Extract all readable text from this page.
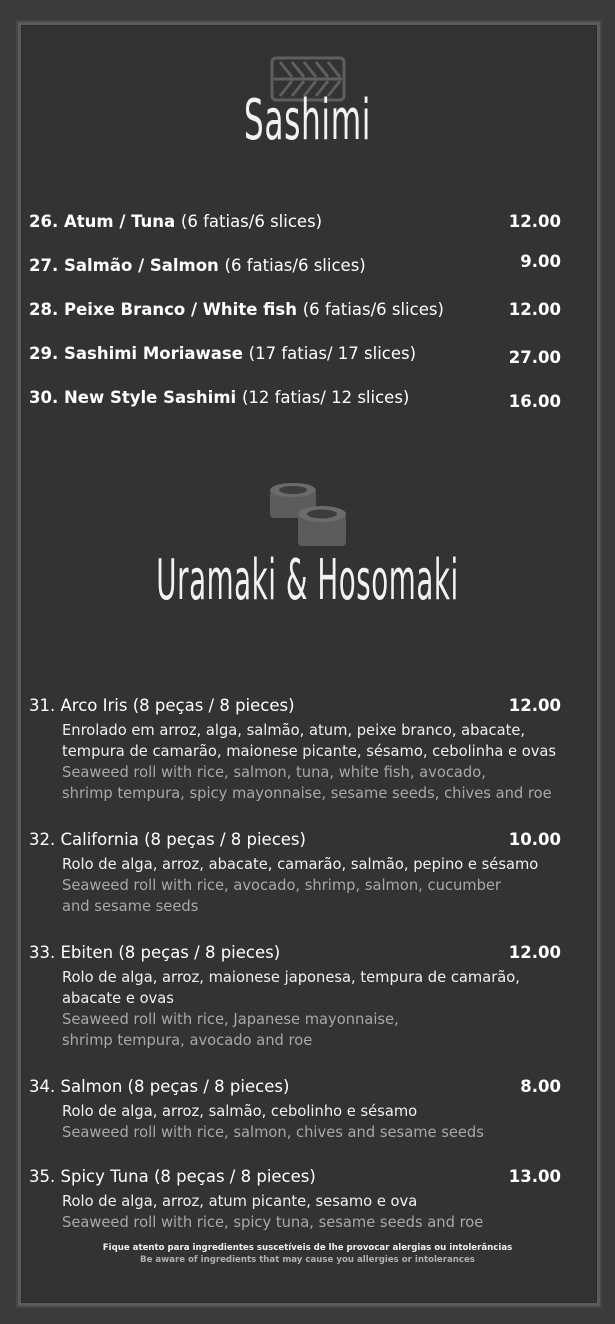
Sashimi
26. Atum / Tuna (6 fatias/6 slices)	12.00
27. Salmão / Salmon (6 fatias/6 slices)	9.00
28. Peixe Branco / White fish (6 fatias/6 slices)	12.00
29. Sashimi Moriawase (17 fatias/ 17 slices)	27.00
30. New Style Sashimi (12 fatias/ 12 slices)	16.00
Uramaki & Hosomaki
31. Arco Iris (8 peças / 8 pieces)	12.00
Enrolado em arroz, alga, salmão, atum, peixe branco, abacate,
tempura de camarão, maionese picante, sésamo, cebolinha e ovas
Seaweed roll with rice, salmon, tuna, white fish, avocado,
shrimp tempura, spicy mayonnaise, sesame seeds, chives and roe
32. California (8 peças / 8 pieces)	10.00
Rolo de alga, arroz, abacate, camarão, salmão, pepino e sésamo
Seaweed roll with rice, avocado, shrimp, salmon, cucumber
and sesame seeds
33. Ebiten (8 peças / 8 pieces)	12.00
Rolo de alga, arroz, maionese japonesa, tempura de camarão,
abacate e ovas
Seaweed roll with rice, Japanese mayonnaise,
shrimp tempura, avocado and roe
34. Salmon (8 peças / 8 pieces)	8.00
Rolo de alga, arroz, salmão, cebolinho e sésamo
Seaweed roll with rice, salmon, chives and sesame seeds
35. Spicy Tuna (8 peças / 8 pieces)	13.00
Rolo de alga, arroz, atum picante, sesamo e ova
Seaweed roll with rice, spicy tuna, sesame seeds and roe
Fique atento para ingredientes suscetíveis de lhe provocar alergias ou intolerâncias
Be aware of ingredients that may cause you allergies or intolerances
